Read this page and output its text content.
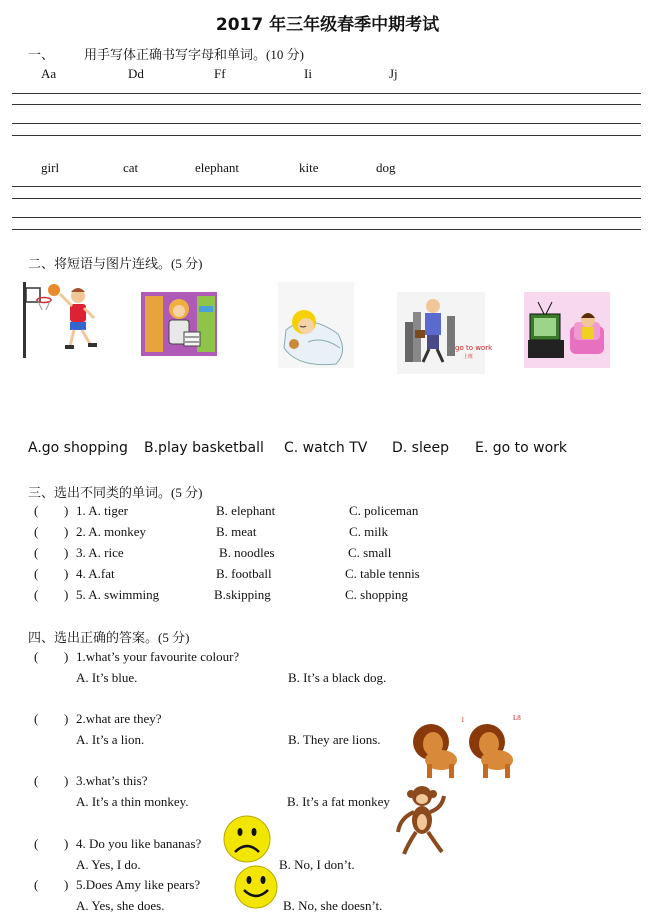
2017 年三年级春季中期考试
一、 用手写体正确书写字母和单词。(10 分)
Aa	Dd	Ff	Ii	Jj
girl	cat	elephant	kite	dog
二、将短语与图片连线。(5 分)
go to work
上班
A.go shopping B.play basketball C. watch TV D. sleep E. go to work
三、选出不同类的单词。(5 分)
( ) 1. A. tiger	B. elephant	C. policeman
( ) 2. A. monkey	B. meat	C. milk
( ) 3. A. rice	B. noodles	C. small
( ) 4. A.fat	B. football	C. table tennis
( ) 5. A. swimming	B.skipping	C. shopping
四、选出正确的答案。(5 分)
( ) 1.what’s your favourite colour?
A. It’s blue.	B. It’s a black dog.
( ) 2.what are they?
A. It’s a lion.	B. They are lions.
1	L8
( ) 3.what’s this?
A. It’s a thin monkey.	B. It’s a fat monkey
( ) 4. Do you like bananas?
A. Yes, I do.	B. No, I don’t.
( ) 5.Does Amy like pears?
A. Yes, she does.	B. No, she doesn’t.
